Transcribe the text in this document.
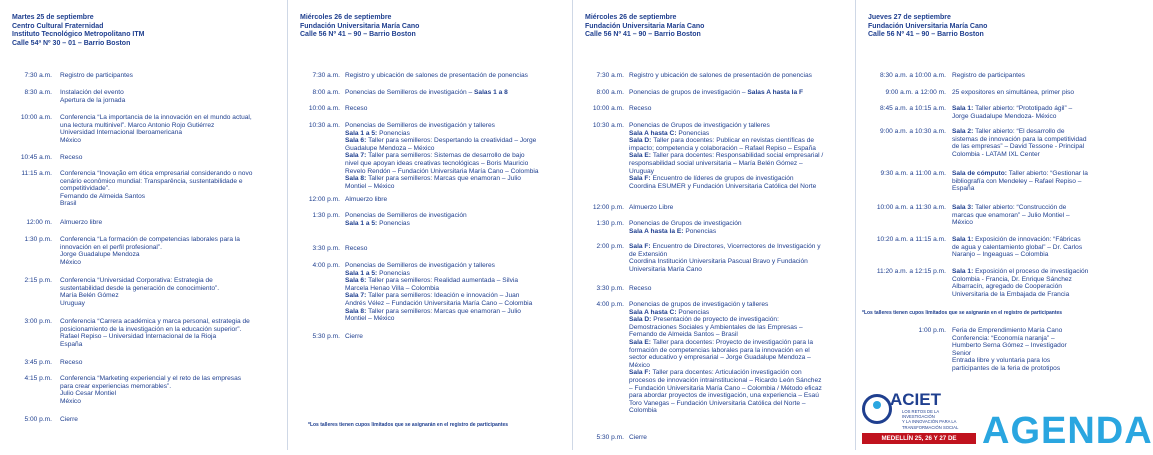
Martes 25 de septiembre
Centro Cultural Fraternidad
Instituto Tecnológico Metropolitano ITM
Calle 54ª Nº 30 – 01 – Barrio Boston
7:30 a.m. Registro de participantes
8:30 a.m. Instalación del evento
Apertura de la jornada
10:00 a.m. Conferencia “La importancia de la innovación en el mundo actual,
una lectura multinivel”. Marco Antonio Rojo Gutiérrez
Universidad Internacional Iberoamericana
México
10:45 a.m. Receso
11:15 a.m. Conferencia “Inovação em ética empresarial considerando o novo
cenário econômico mundial: Transparência, sustentabilidade e
competitividade”.
Fernando de Almeida Santos
Brasil
12:00 m. Almuerzo libre
1:30 p.m. Conferencia “La formación de competencias laborales para la
innovación en el perfil profesional”.
Jorge Guadalupe Mendoza
México
2:15 p.m. Conferencia “Universidad Corporativa: Estrategia de
sustentabilidad desde la generación de conocimiento”.
María Belén Gómez
Uruguay
3:00 p.m. Conferencia “Carrera académica y marca personal, estrategia de
posicionamiento de la investigación en la educación superior”.
Rafael Repiso – Universidad Internacional de la Rioja
España
3:45 p.m. Receso
4:15 p.m. Conferencia “Marketing experiencial y el reto de las empresas
para crear experiencias memorables”.
Julio Cesar Montiel
México
5:00 p.m. Cierre
Miércoles 26 de septiembre
Fundación Universitaria María Cano
Calle 56 Nº 41 – 90 – Barrio Boston
7:30 a.m. Registro y ubicación de salones de presentación de ponencias
8:00 a.m. Ponencias de Semilleros de investigación – Salas 1 a 8
10:00 a.m. Receso
10:30 a.m. Ponencias de Semilleros de investigación y talleres
Sala 1 a 5: Ponencias
Sala 6: Taller para semilleros: Despertando la creatividad – Jorge
Guadalupe Mendoza – México
Sala 7: Taller para semilleros: Sistemas de desarrollo de bajo
nivel que apoyan ideas creativas tecnológicas – Boris Mauricio
Revelo Rendón – Fundación Universitaria María Cano – Colombia
Sala 8: Taller para semilleros: Marcas que enamoran – Julio
Montiel – México
12:00 p.m. Almuerzo libre
1:30 p.m. Ponencias de Semilleros de investigación
Sala 1 a 5: Ponencias
3:30 p.m. Receso
4:00 p.m. Ponencias de Semilleros de investigación y talleres
Sala 1 a 5: Ponencias
Sala 6: Taller para semilleros: Realidad aumentada – Silvia
Marcela Henao Villa – Colombia
Sala 7: Taller para semilleros: Ideación e innovación – Juan
Andrés Vélez – Fundación Universitaria María Cano – Colombia
Sala 8: Taller para semilleros: Marcas que enamoran – Julio
Montiel – México
5:30 p.m. Cierre
*Los talleres tienen cupos limitados que se asignarán en el registro de participantes
Miércoles 26 de septiembre
Fundación Universitaria María Cano
Calle 56 Nº 41 – 90 – Barrio Boston
7:30 a.m. Registro y ubicación de salones de presentación de ponencias
8:00 a.m. Ponencias de grupos de investigación – Salas A hasta la F
10:00 a.m. Receso
10:30 a.m. Ponencias de Grupos de investigación y talleres
Sala A hasta C: Ponencias
Sala D: Taller para docentes: Publicar en revistas científicas de
impacto; competencia y colaboración – Rafael Repiso – España
Sala E: Taller para docentes: Responsabilidad social empresarial /
responsabilidad social universitaria – María Belén Gómez –
Uruguay
Sala F: Encuentro de líderes de grupos de investigación
Coordina ESUMER y Fundación Universitaria Católica del Norte
12:00 p.m. Almuerzo Libre
1:30 p.m. Ponencias de Grupos de investigación
Sala A hasta la E: Ponencias
2:00 p.m. Sala F: Encuentro de Directores, Vicerrectores de Investigación y
de Extensión
Coordina Institución Universitaria Pascual Bravo y Fundación
Universitaria María Cano
3:30 p.m. Receso
4:00 p.m. Ponencias de grupos de investigación y talleres
Sala A hasta C: Ponencias
Sala D: Presentación de proyecto de investigación:
Demostraciones Sociales y Ambientales de las Empresas –
Fernando de Almeida Santos – Brasil
Sala E: Taller para docentes: Proyecto de investigación para la
formación de competencias laborales para la innovación en el
sector educativo y empresarial – Jorge Guadalupe Mendoza –
México
Sala F: Taller para docentes: Articulación investigación con
procesos de innovación intrainstitucional – Ricardo León Sánchez
– Fundación Universitaria María Cano – Colombia / Método eficaz
para abordar proyectos de investigación, una experiencia – Esaú
Toro Vanegas – Fundación Universitaria Católica del Norte –
Colombia
5:30 p.m. Cierre
Jueves 27 de septiembre
Fundación Universitaria María Cano
Calle 56 Nº 41 – 90 – Barrio Boston
8:30 a.m. a 10:00 a.m. Registro de participantes
9:00 a.m. a 12:00 m. 25 expositores en simultánea, primer piso
8:45 a.m. a 10:15 a.m. Sala 1: Taller abierto: “Prototipado ágil” –
Jorge Guadalupe Mendoza- México
9:00 a.m. a 10:30 a.m. Sala 2: Taller abierto: “El desarrollo de
sistemas de innovación para la competitividad
de las empresas” – David Tessone - Principal
Colombia - LATAM IXL Center
9:30 a.m. a 11:00 a.m. Sala de cómputo: Taller abierto: “Gestionar la
bibliografía con Mendeley – Rafael Repiso –
España
10:00 a.m. a 11:30 a.m. Sala 3: Taller abierto: “Construcción de
marcas que enamoran” – Julio Montiel –
México
10:20 a.m. a 11:15 a.m. Sala 1: Exposición de innovación: “Fábricas
de agua y calentamiento global” – Dr. Carlos
Naranjo – Ingeaguas – Colombia
11:20 a.m. a 12:15 p.m. Sala 1: Exposición el proceso de investigación
Colombia - Francia, Dr. Enrique Sánchez
Albarracín, agregado de Cooperación
Universitaria de la Embajada de Francia
1:00 p.m. Feria de Emprendimiento María Cano
Conferencia: “Economía naranja” –
Humberto Serna Gómez – Investigador
Senior
Entrada libre y voluntaria para los
participantes de la feria de prototipos
*Los talleres tienen cupos limitados que se asignarán en el registro de participantes
ACIET
LOS RETOS DE LA INVESTIGACIÓN
Y LA INNOVACIÓN PARA LA
TRANSFORMACIÓN SOCIAL
MEDELLÍN 25, 26 Y 27 DE SEPTIEMBRE	AGENDA
